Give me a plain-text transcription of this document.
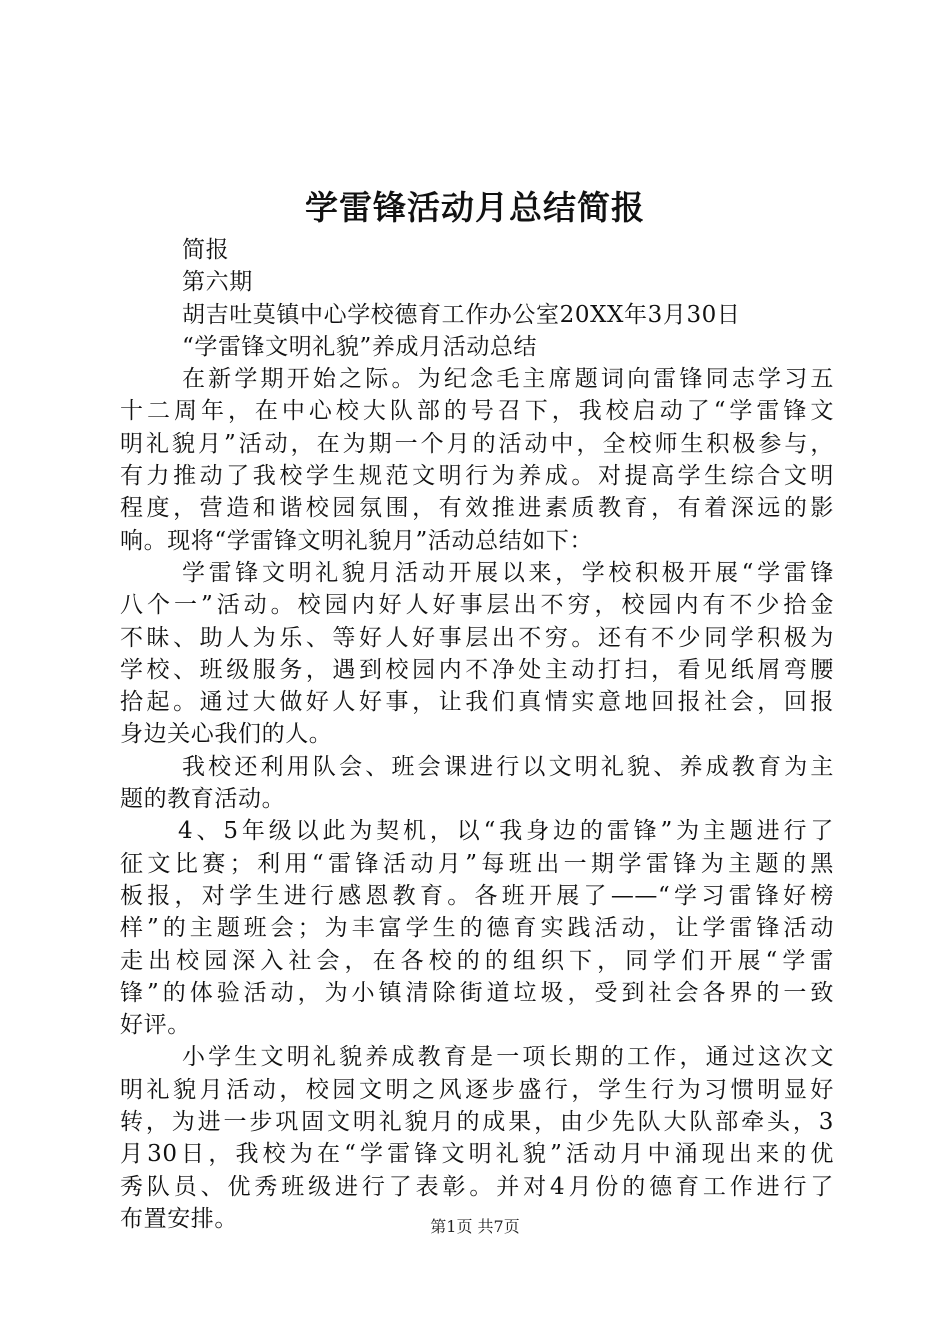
学雷锋活动月总结简报
简报
第六期
胡吉吐莫镇中心学校德育工作办公室20XX年3月30日
“学雷锋文明礼貌”养成月活动总结
在新学期开始之际。为纪念毛主席题词向雷锋同志学习五
十二周年，在中心校大队部的号召下，我校启动了“学雷锋文
明礼貌月”活动，在为期一个月的活动中，全校师生积极参与，
有力推动了我校学生规范文明行为养成。对提高学生综合文明
程度，营造和谐校园氛围，有效推进素质教育，有着深远的影
响。现将“学雷锋文明礼貌月”活动总结如下：
学雷锋文明礼貌月活动开展以来，学校积极开展“学雷锋
八个一”活动。校园内好人好事层出不穷，校园内有不少拾金
不昧、助人为乐、等好人好事层出不穷。还有不少同学积极为
学校、班级服务，遇到校园内不净处主动打扫，看见纸屑弯腰
拾起。通过大做好人好事，让我们真情实意地回报社会，回报
身边关心我们的人。
我校还利用队会、班会课进行以文明礼貌、养成教育为主
题的教育活动。
4、5年级以此为契机，以“我身边的雷锋”为主题进行了
征文比赛；利用“雷锋活动月”每班出一期学雷锋为主题的黑
板报，对学生进行感恩教育。各班开展了——“学习雷锋好榜
样”的主题班会；为丰富学生的德育实践活动，让学雷锋活动
走出校园深入社会，在各校的的组织下，同学们开展“学雷
锋”的体验活动，为小镇清除街道垃圾，受到社会各界的一致
好评。
小学生文明礼貌养成教育是一项长期的工作，通过这次文
明礼貌月活动，校园文明之风逐步盛行，学生行为习惯明显好
转，为进一步巩固文明礼貌月的成果，由少先队大队部牵头，3
月30日，我校为在“学雷锋文明礼貌”活动月中涌现出来的优
秀队员、优秀班级进行了表彰。并对4月份的德育工作进行了
布置安排。	第1页 共7页
